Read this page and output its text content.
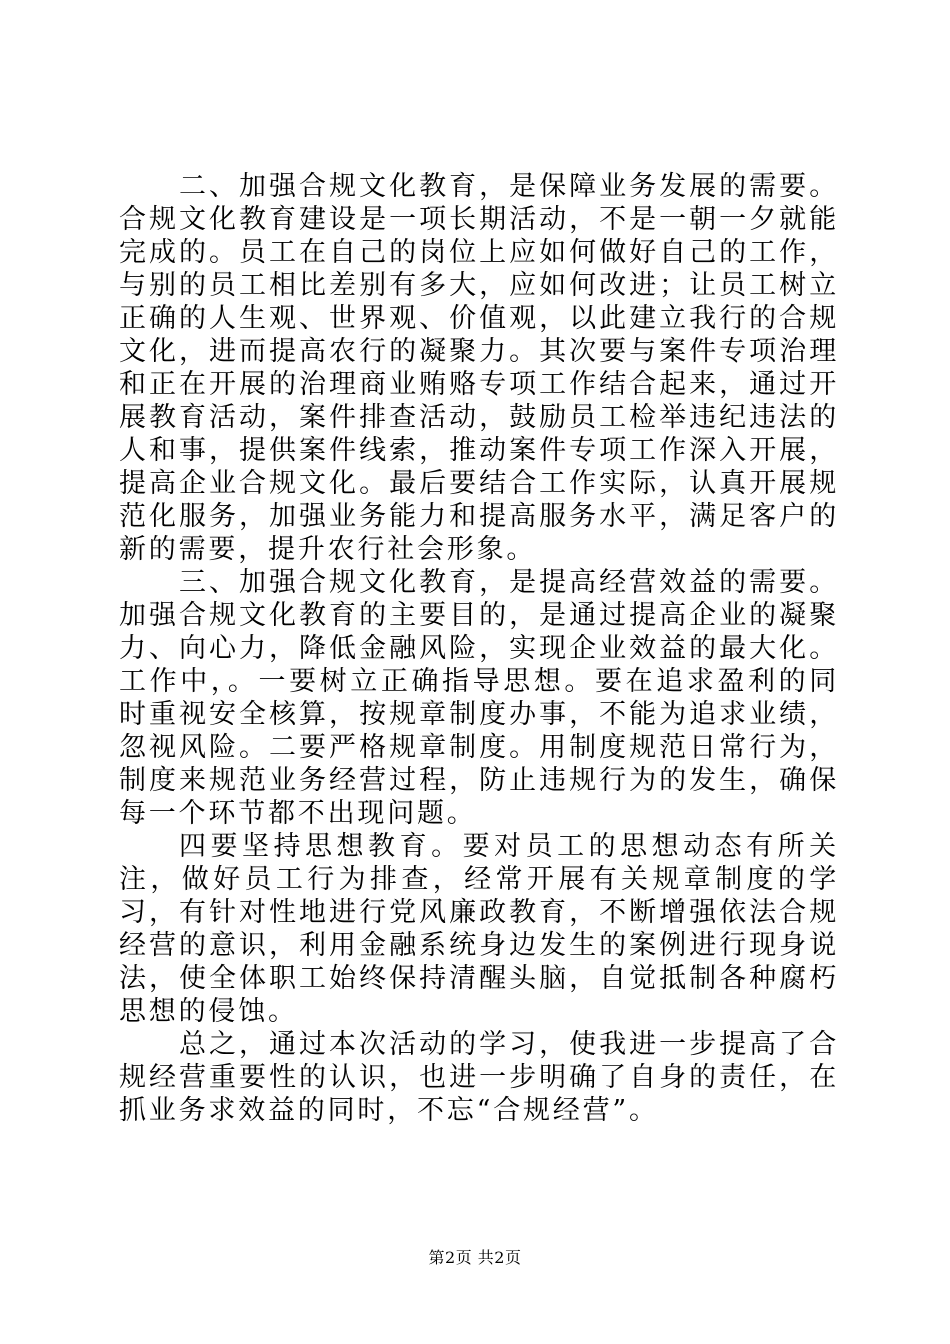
二、加强合规文化教育，是保障业务发展的需要。合规文化教育建设是一项长期活动，不是一朝一夕就能完成的。员工在自己的岗位上应如何做好自己的工作，与别的员工相比差别有多大，应如何改进；让员工树立正确的人生观、世界观、价值观，以此建立我行的合规文化，进而提高农行的凝聚力。其次要与案件专项治理和正在开展的治理商业贿赂专项工作结合起来，通过开展教育活动，案件排查活动，鼓励员工检举违纪违法的人和事，提供案件线索，推动案件专项工作深入开展，提高企业合规文化。最后要结合工作实际，认真开展规范化服务，加强业务能力和提高服务水平，满足客户的新的需要，提升农行社会形象。

三、加强合规文化教育，是提高经营效益的需要。加强合规文化教育的主要目的，是通过提高企业的凝聚力、向心力，降低金融风险，实现企业效益的最大化。工作中，。一要树立正确指导思想。要在追求盈利的同时重视安全核算，按规章制度办事，不能为追求业绩，忽视风险。二要严格规章制度。用制度规范日常行为，制度来规范业务经营过程，防止违规行为的发生，确保每一个环节都不出现问题。

四要坚持思想教育。要对员工的思想动态有所关注，做好员工行为排查，经常开展有关规章制度的学习，有针对性地进行党风廉政教育，不断增强依法合规经营的意识，利用金融系统身边发生的案例进行现身说法，使全体职工始终保持清醒头脑，自觉抵制各种腐朽思想的侵蚀。

总之，通过本次活动的学习，使我进一步提高了合规经营重要性的认识，也进一步明确了自身的责任，在抓业务求效益的同时，不忘“合规经营”。

第2页 共2页
